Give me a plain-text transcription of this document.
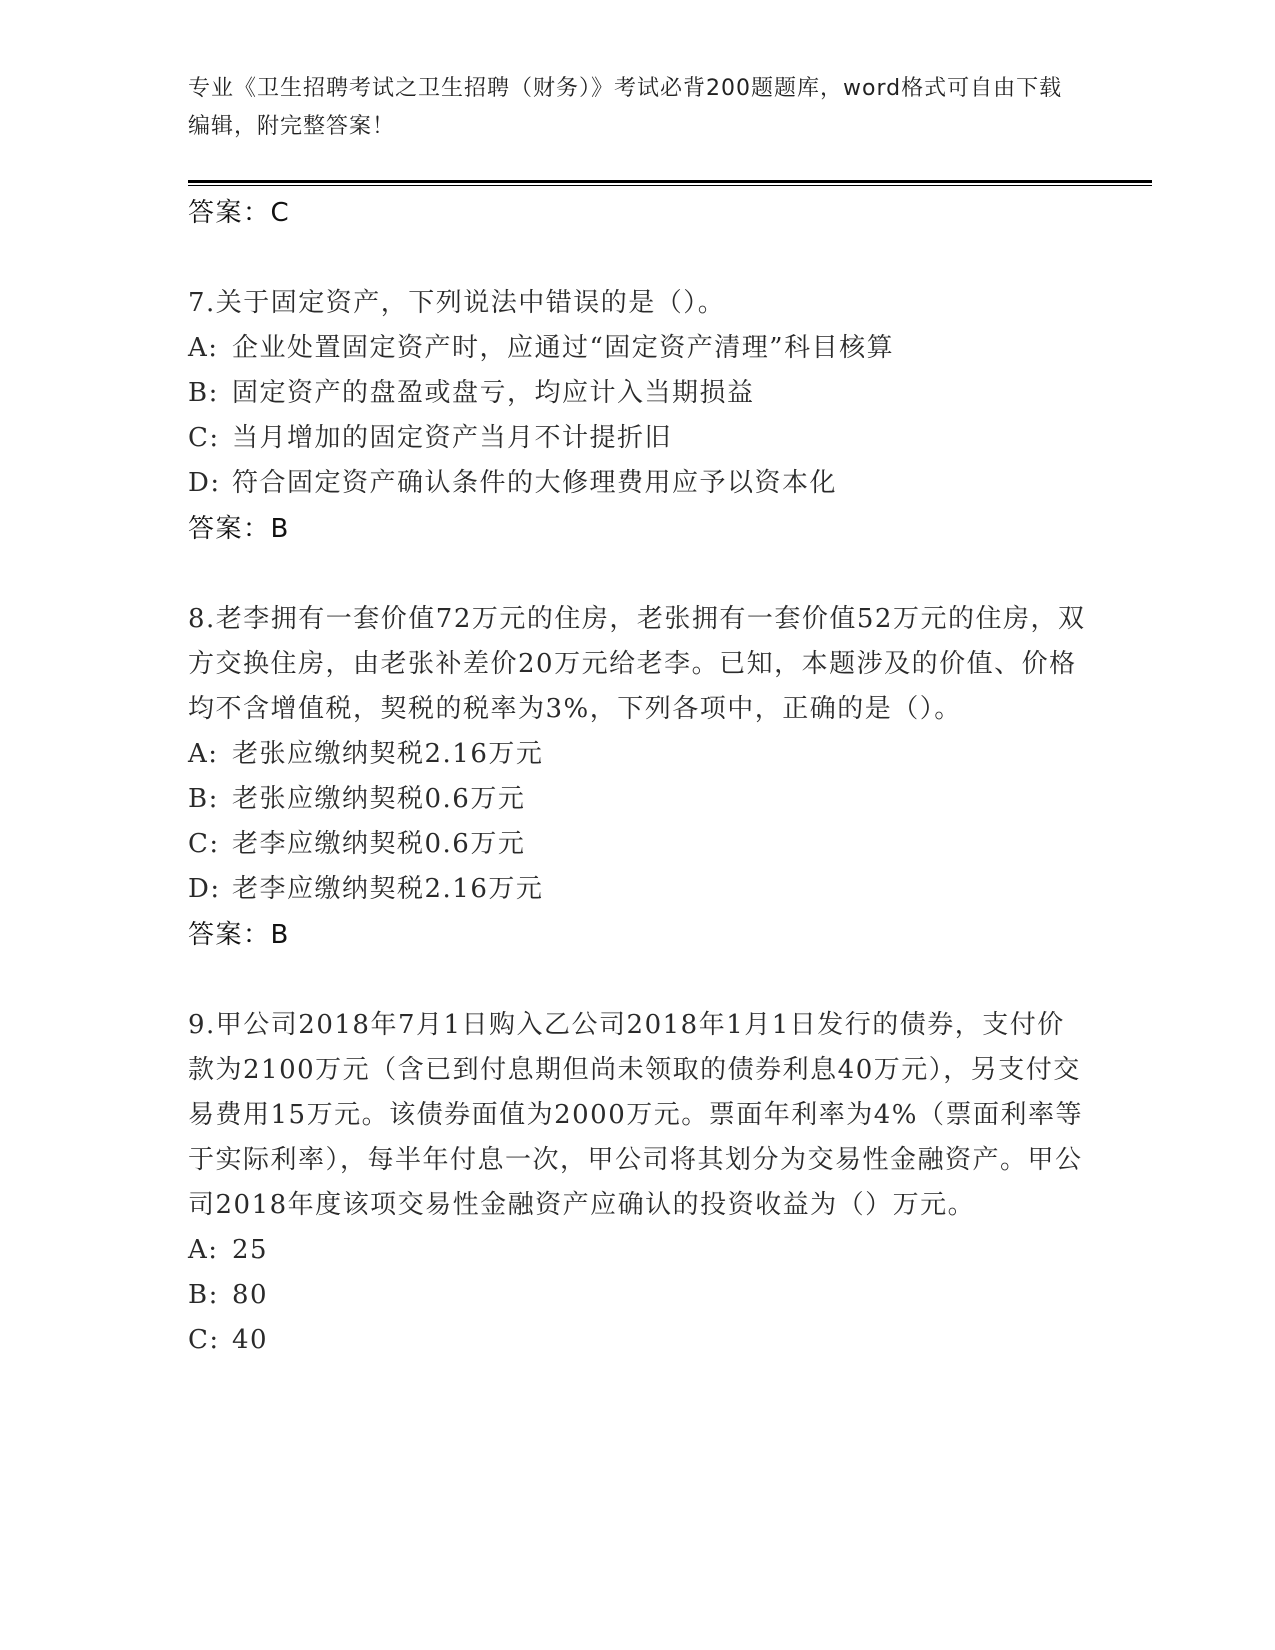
专业《卫生招聘考试之卫生招聘（财务）》考试必背200题题库，word格式可自由下载编辑，附完整答案！
答案：C
7.关于固定资产，下列说法中错误的是（）。
A: 企业处置固定资产时，应通过“固定资产清理”科目核算
B: 固定资产的盘盈或盘亏，均应计入当期损益
C: 当月增加的固定资产当月不计提折旧
D: 符合固定资产确认条件的大修理费用应予以资本化
答案：B
8.老李拥有一套价值72万元的住房，老张拥有一套价值52万元的住房，双方交换住房，由老张补差价20万元给老李。已知，本题涉及的价值、价格均不含增值税，契税的税率为3%，下列各项中，正确的是（）。
A: 老张应缴纳契税2.16万元
B: 老张应缴纳契税0.6万元
C: 老李应缴纳契税0.6万元
D: 老李应缴纳契税2.16万元
答案：B
9.甲公司2018年7月1日购入乙公司2018年1月1日发行的债券，支付价款为2100万元（含已到付息期但尚未领取的债券利息40万元），另支付交易费用15万元。该债券面值为2000万元。票面年利率为4%（票面利率等于实际利率），每半年付息一次，甲公司将其划分为交易性金融资产。甲公司2018年度该项交易性金融资产应确认的投资收益为（）万元。
A: 25
B: 80
C: 40
